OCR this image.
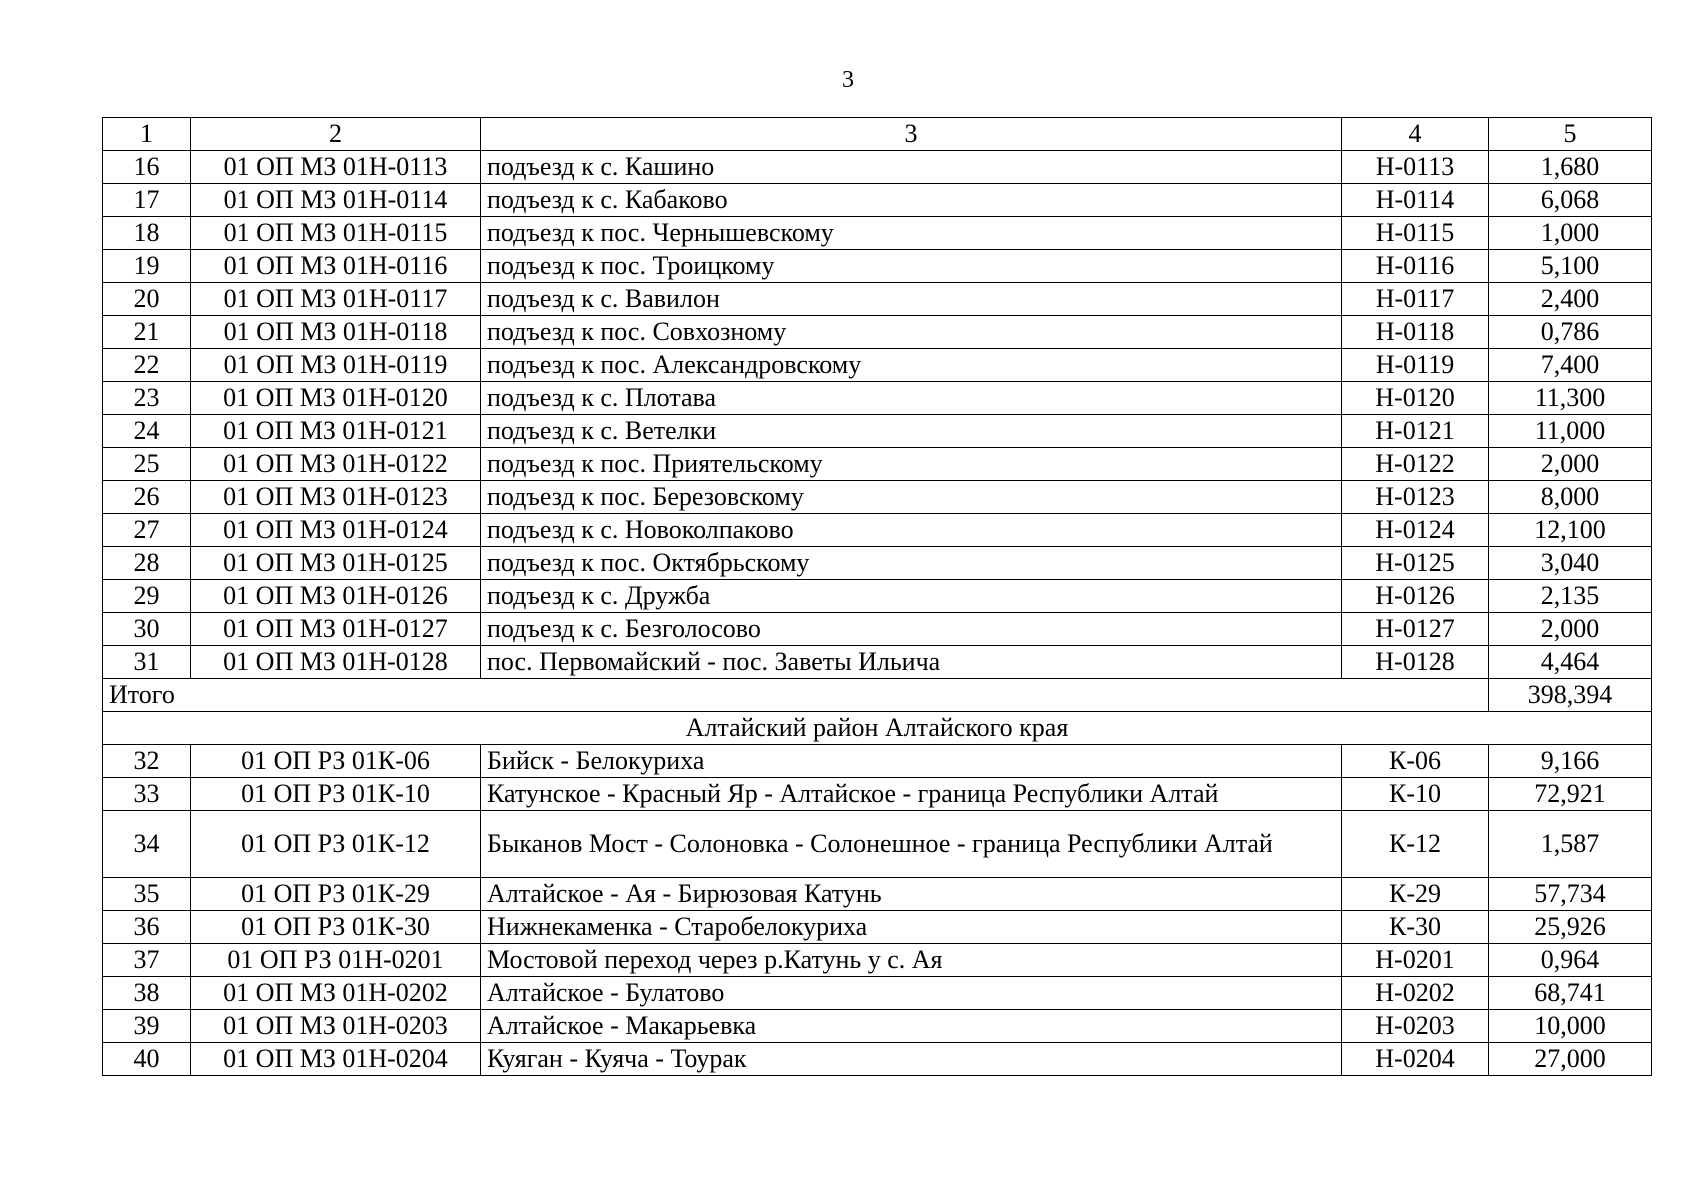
3
1	2	3	4	5
16	01 ОП МЗ 01Н-0113	подъезд к с. Кашино	Н-0113	1,680
17	01 ОП МЗ 01Н-0114	подъезд к с. Кабаково	Н-0114	6,068
18	01 ОП МЗ 01Н-0115	подъезд к пос. Чернышевскому	Н-0115	1,000
19	01 ОП МЗ 01Н-0116	подъезд к пос. Троицкому	Н-0116	5,100
20	01 ОП МЗ 01Н-0117	подъезд к с. Вавилон	Н-0117	2,400
21	01 ОП МЗ 01Н-0118	подъезд к пос. Совхозному	Н-0118	0,786
22	01 ОП МЗ 01Н-0119	подъезд к пос. Александровскому	Н-0119	7,400
23	01 ОП МЗ 01Н-0120	подъезд к с. Плотава	Н-0120	11,300
24	01 ОП МЗ 01Н-0121	подъезд к с. Ветелки	Н-0121	11,000
25	01 ОП МЗ 01Н-0122	подъезд к пос. Приятельскому	Н-0122	2,000
26	01 ОП МЗ 01Н-0123	подъезд к пос. Березовскому	Н-0123	8,000
27	01 ОП МЗ 01Н-0124	подъезд к с. Новоколпаково	Н-0124	12,100
28	01 ОП МЗ 01Н-0125	подъезд к пос. Октябрьскому	Н-0125	3,040
29	01 ОП МЗ 01Н-0126	подъезд к с. Дружба	Н-0126	2,135
30	01 ОП МЗ 01Н-0127	подъезд к с. Безголосово	Н-0127	2,000
31	01 ОП МЗ 01Н-0128	пос. Первомайский - пос. Заветы Ильича	Н-0128	4,464
Итого				398,394
Алтайский район Алтайского края				
32	01 ОП РЗ 01К-06	Бийск - Белокуриха	К-06	9,166
33	01 ОП РЗ 01К-10	Катунское - Красный Яр - Алтайское - граница Республики Алтай	К-10	72,921
34	01 ОП РЗ 01К-12	Быканов Мост - Солоновка - Солонешное - граница Республики Алтай	К-12	1,587
35	01 ОП РЗ 01К-29	Алтайское - Ая - Бирюзовая Катунь	К-29	57,734
36	01 ОП РЗ 01К-30	Нижнекаменка - Старобелокуриха	К-30	25,926
37	01 ОП РЗ 01Н-0201	Мостовой переход через р.Катунь у с. Ая	Н-0201	0,964
38	01 ОП МЗ 01Н-0202	Алтайское - Булатово	Н-0202	68,741
39	01 ОП МЗ 01Н-0203	Алтайское - Макарьевка	Н-0203	10,000
40	01 ОП МЗ 01Н-0204	Куяган - Куяча - Тоурак	Н-0204	27,000
